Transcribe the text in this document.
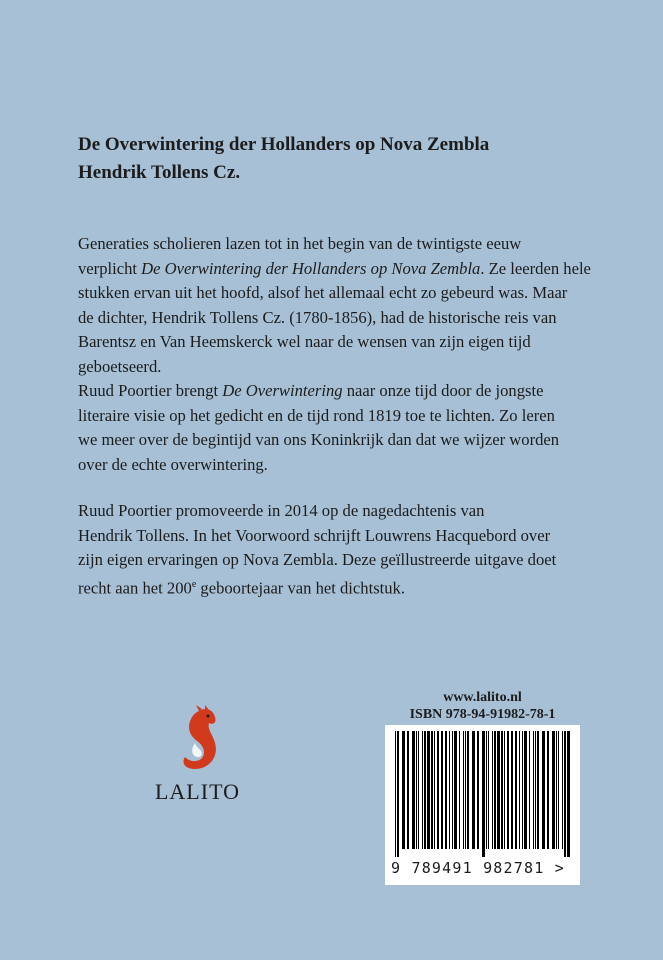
De Overwintering der Hollanders op Nova Zembla
Hendrik Tollens Cz.
Generaties scholieren lazen tot in het begin van de twintigste eeuw
verplicht De Overwintering der Hollanders op Nova Zembla. Ze leerden hele
stukken ervan uit het hoofd, alsof het allemaal echt zo gebeurd was. Maar
de dichter, Hendrik Tollens Cz. (1780-1856), had de historische reis van
Barentsz en Van Heemskerck wel naar de wensen van zijn eigen tijd
geboetseerd.
Ruud Poortier brengt De Overwintering naar onze tijd door de jongste
literaire visie op het gedicht en de tijd rond 1819 toe te lichten. Zo leren
we meer over de begintijd van ons Koninkrijk dan dat we wijzer worden
over de echte overwintering.
Ruud Poortier promoveerde in 2014 op de nagedachtenis van
Hendrik Tollens. In het Voorwoord schrijft Louwrens Hacquebord over
zijn eigen ervaringen op Nova Zembla. Deze geïllustreerde uitgave doet
recht aan het 200e geboortejaar van het dichtstuk.
LALITO
www.lalito.nl
ISBN 978-94-91982-78-1
9 789491 982781 >
